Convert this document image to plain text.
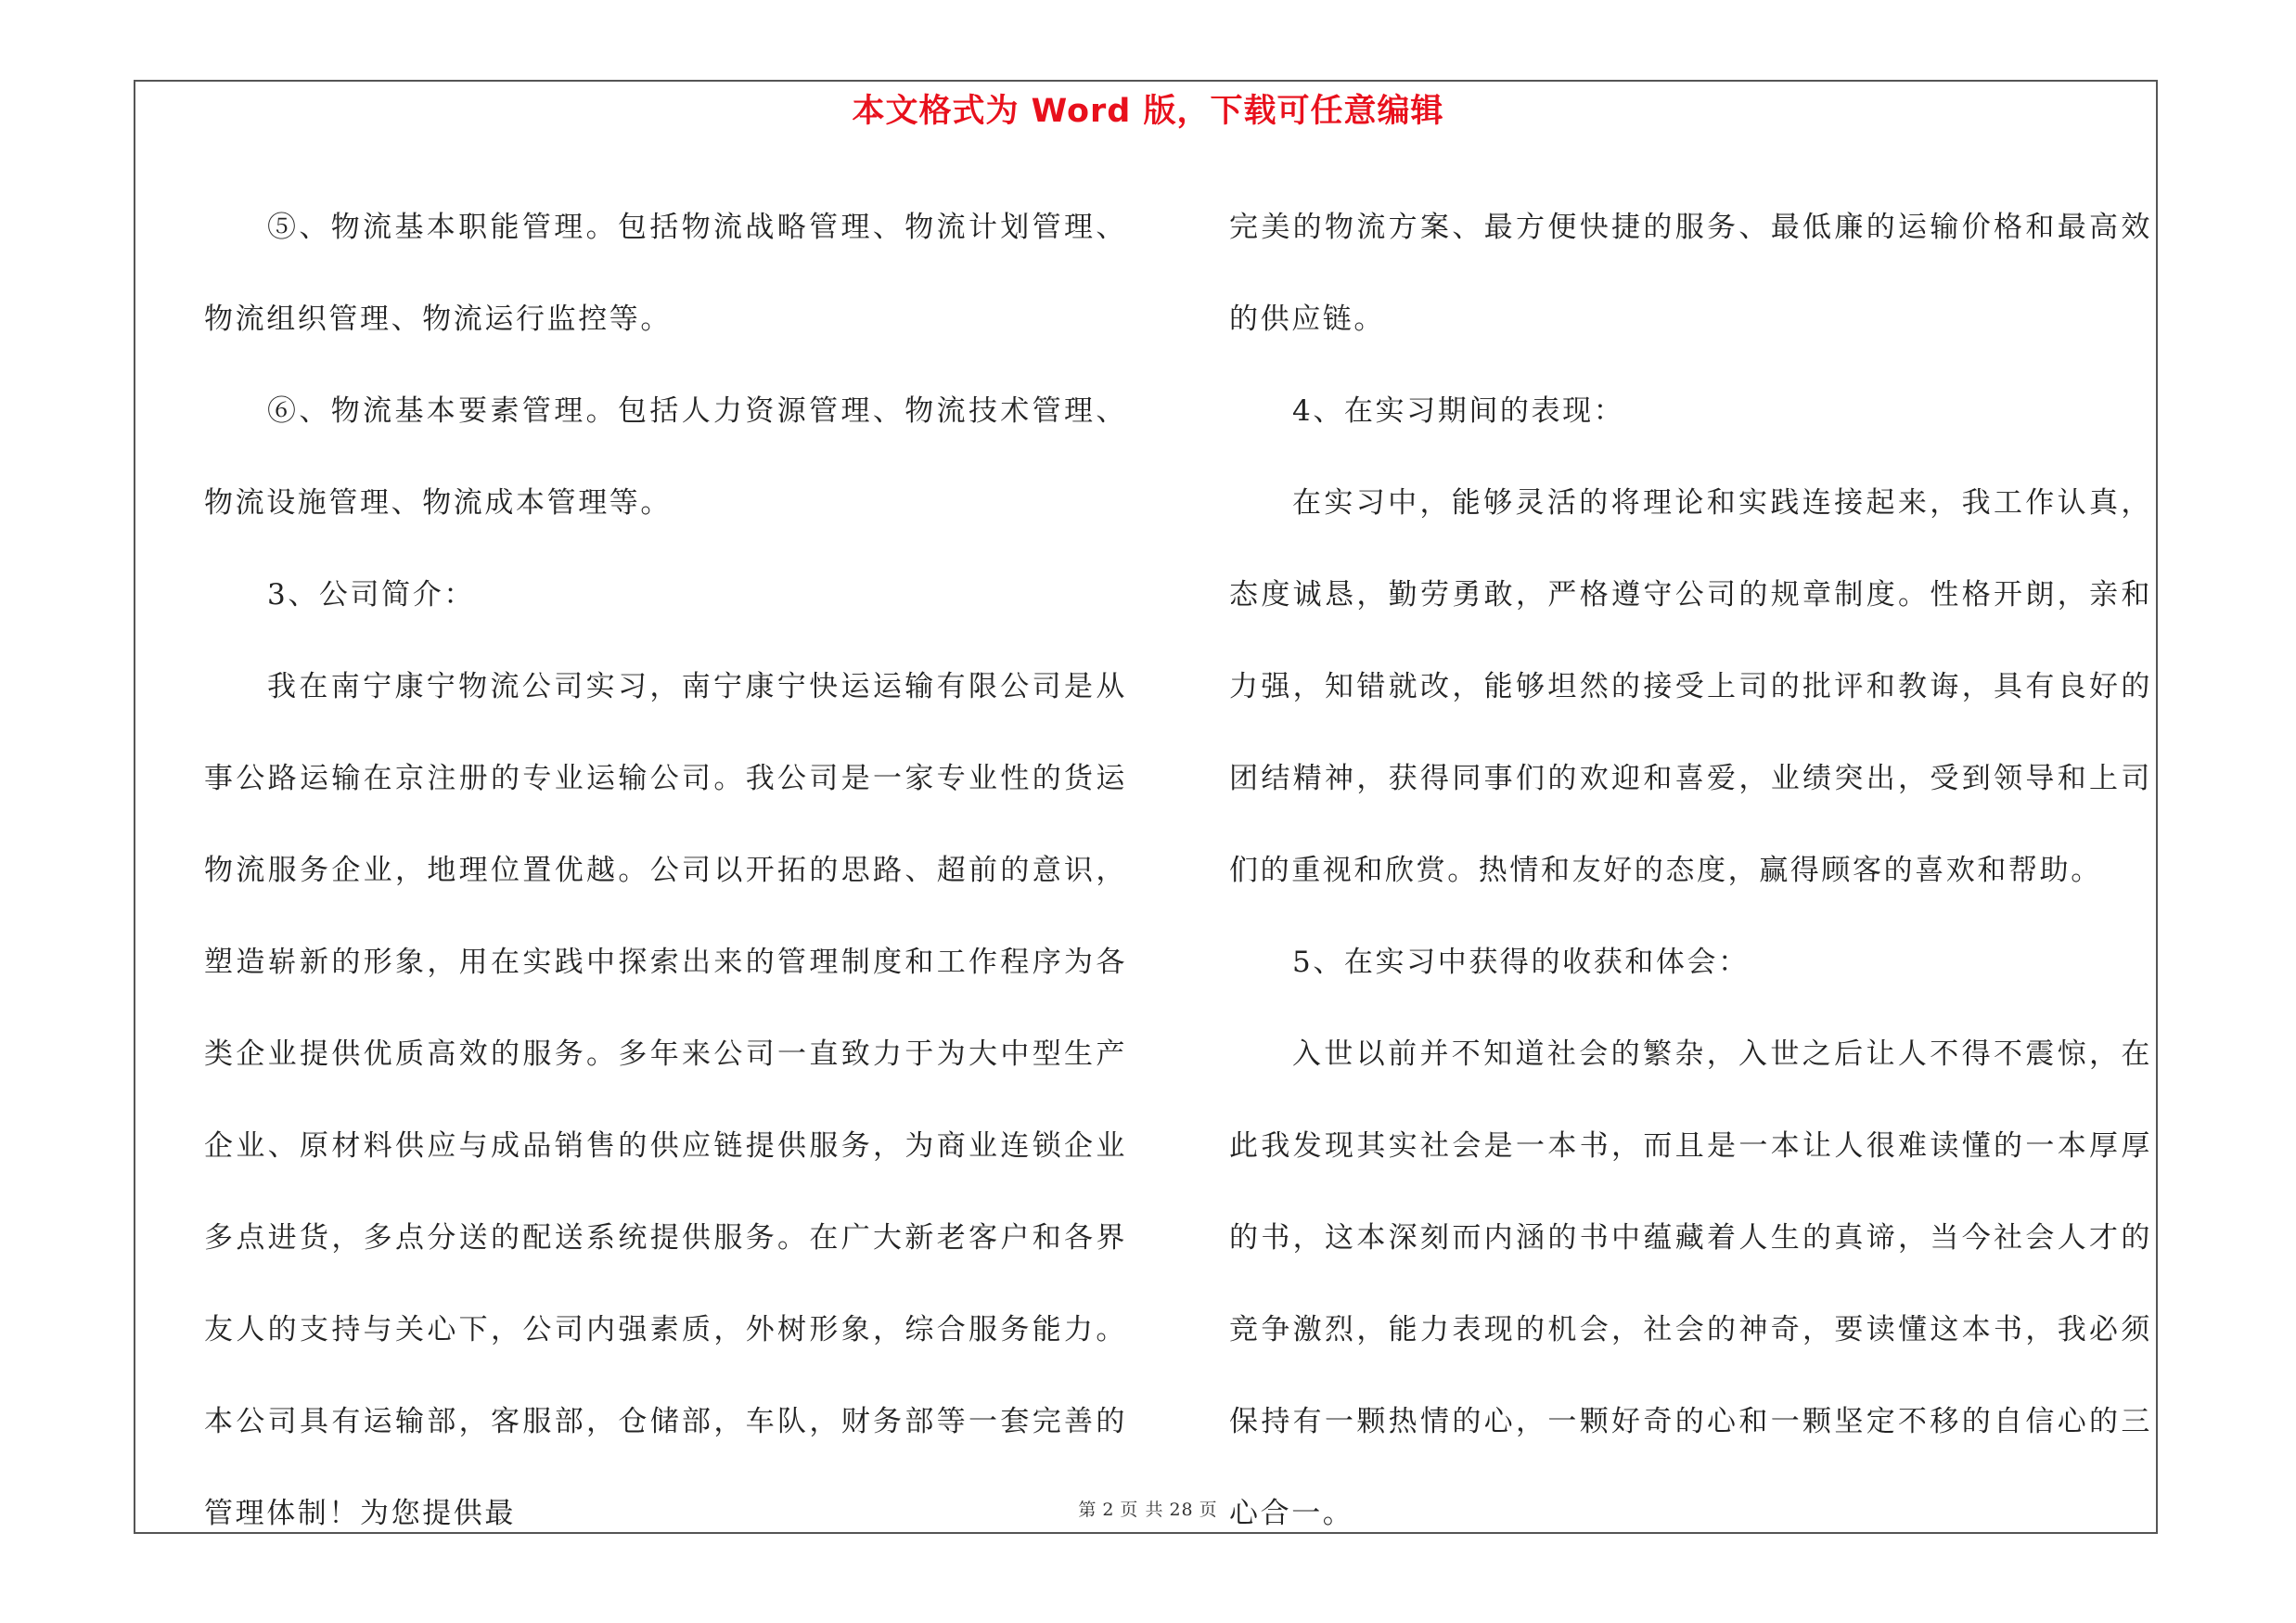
本文格式为 Word 版，下载可任意编辑

⑤、物流基本职能管理。包括物流战略管理、物流计划管理、物流组织管理、物流运行监控等。

⑥、物流基本要素管理。包括人力资源管理、物流技术管理、物流设施管理、物流成本管理等。

3、公司简介：

我在南宁康宁物流公司实习，南宁康宁快运运输有限公司是从事公路运输在京注册的专业运输公司。我公司是一家专业性的货运物流服务企业，地理位置优越。公司以开拓的思路、超前的意识，塑造崭新的形象，用在实践中探索出来的管理制度和工作程序为各类企业提供优质高效的服务。多年来公司一直致力于为大中型生产企业、原材料供应与成品销售的供应链提供服务，为商业连锁企业多点进货，多点分送的配送系统提供服务。在广大新老客户和各界友人的支持与关心下，公司内强素质，外树形象，综合服务能力。本公司具有运输部，客服部，仓储部，车队，财务部等一套完善的管理体制！为您提供最

完美的物流方案、最方便快捷的服务、最低廉的运输价格和最高效的供应链。

4、在实习期间的表现：

在实习中，能够灵活的将理论和实践连接起来，我工作认真，态度诚恳，勤劳勇敢，严格遵守公司的规章制度。性格开朗，亲和力强，知错就改，能够坦然的接受上司的批评和教诲，具有良好的团结精神，获得同事们的欢迎和喜爱，业绩突出，受到领导和上司们的重视和欣赏。热情和友好的态度，赢得顾客的喜欢和帮助。

5、在实习中获得的收获和体会：

入世以前并不知道社会的繁杂，入世之后让人不得不震惊，在此我发现其实社会是一本书，而且是一本让人很难读懂的一本厚厚的书，这本深刻而内涵的书中蕴藏着人生的真谛，当今社会人才的竞争激烈，能力表现的机会，社会的神奇，要读懂这本书，我必须保持有一颗热情的心，一颗好奇的心和一颗坚定不移的自信心的三心合一。

第 2 页 共 28 页
